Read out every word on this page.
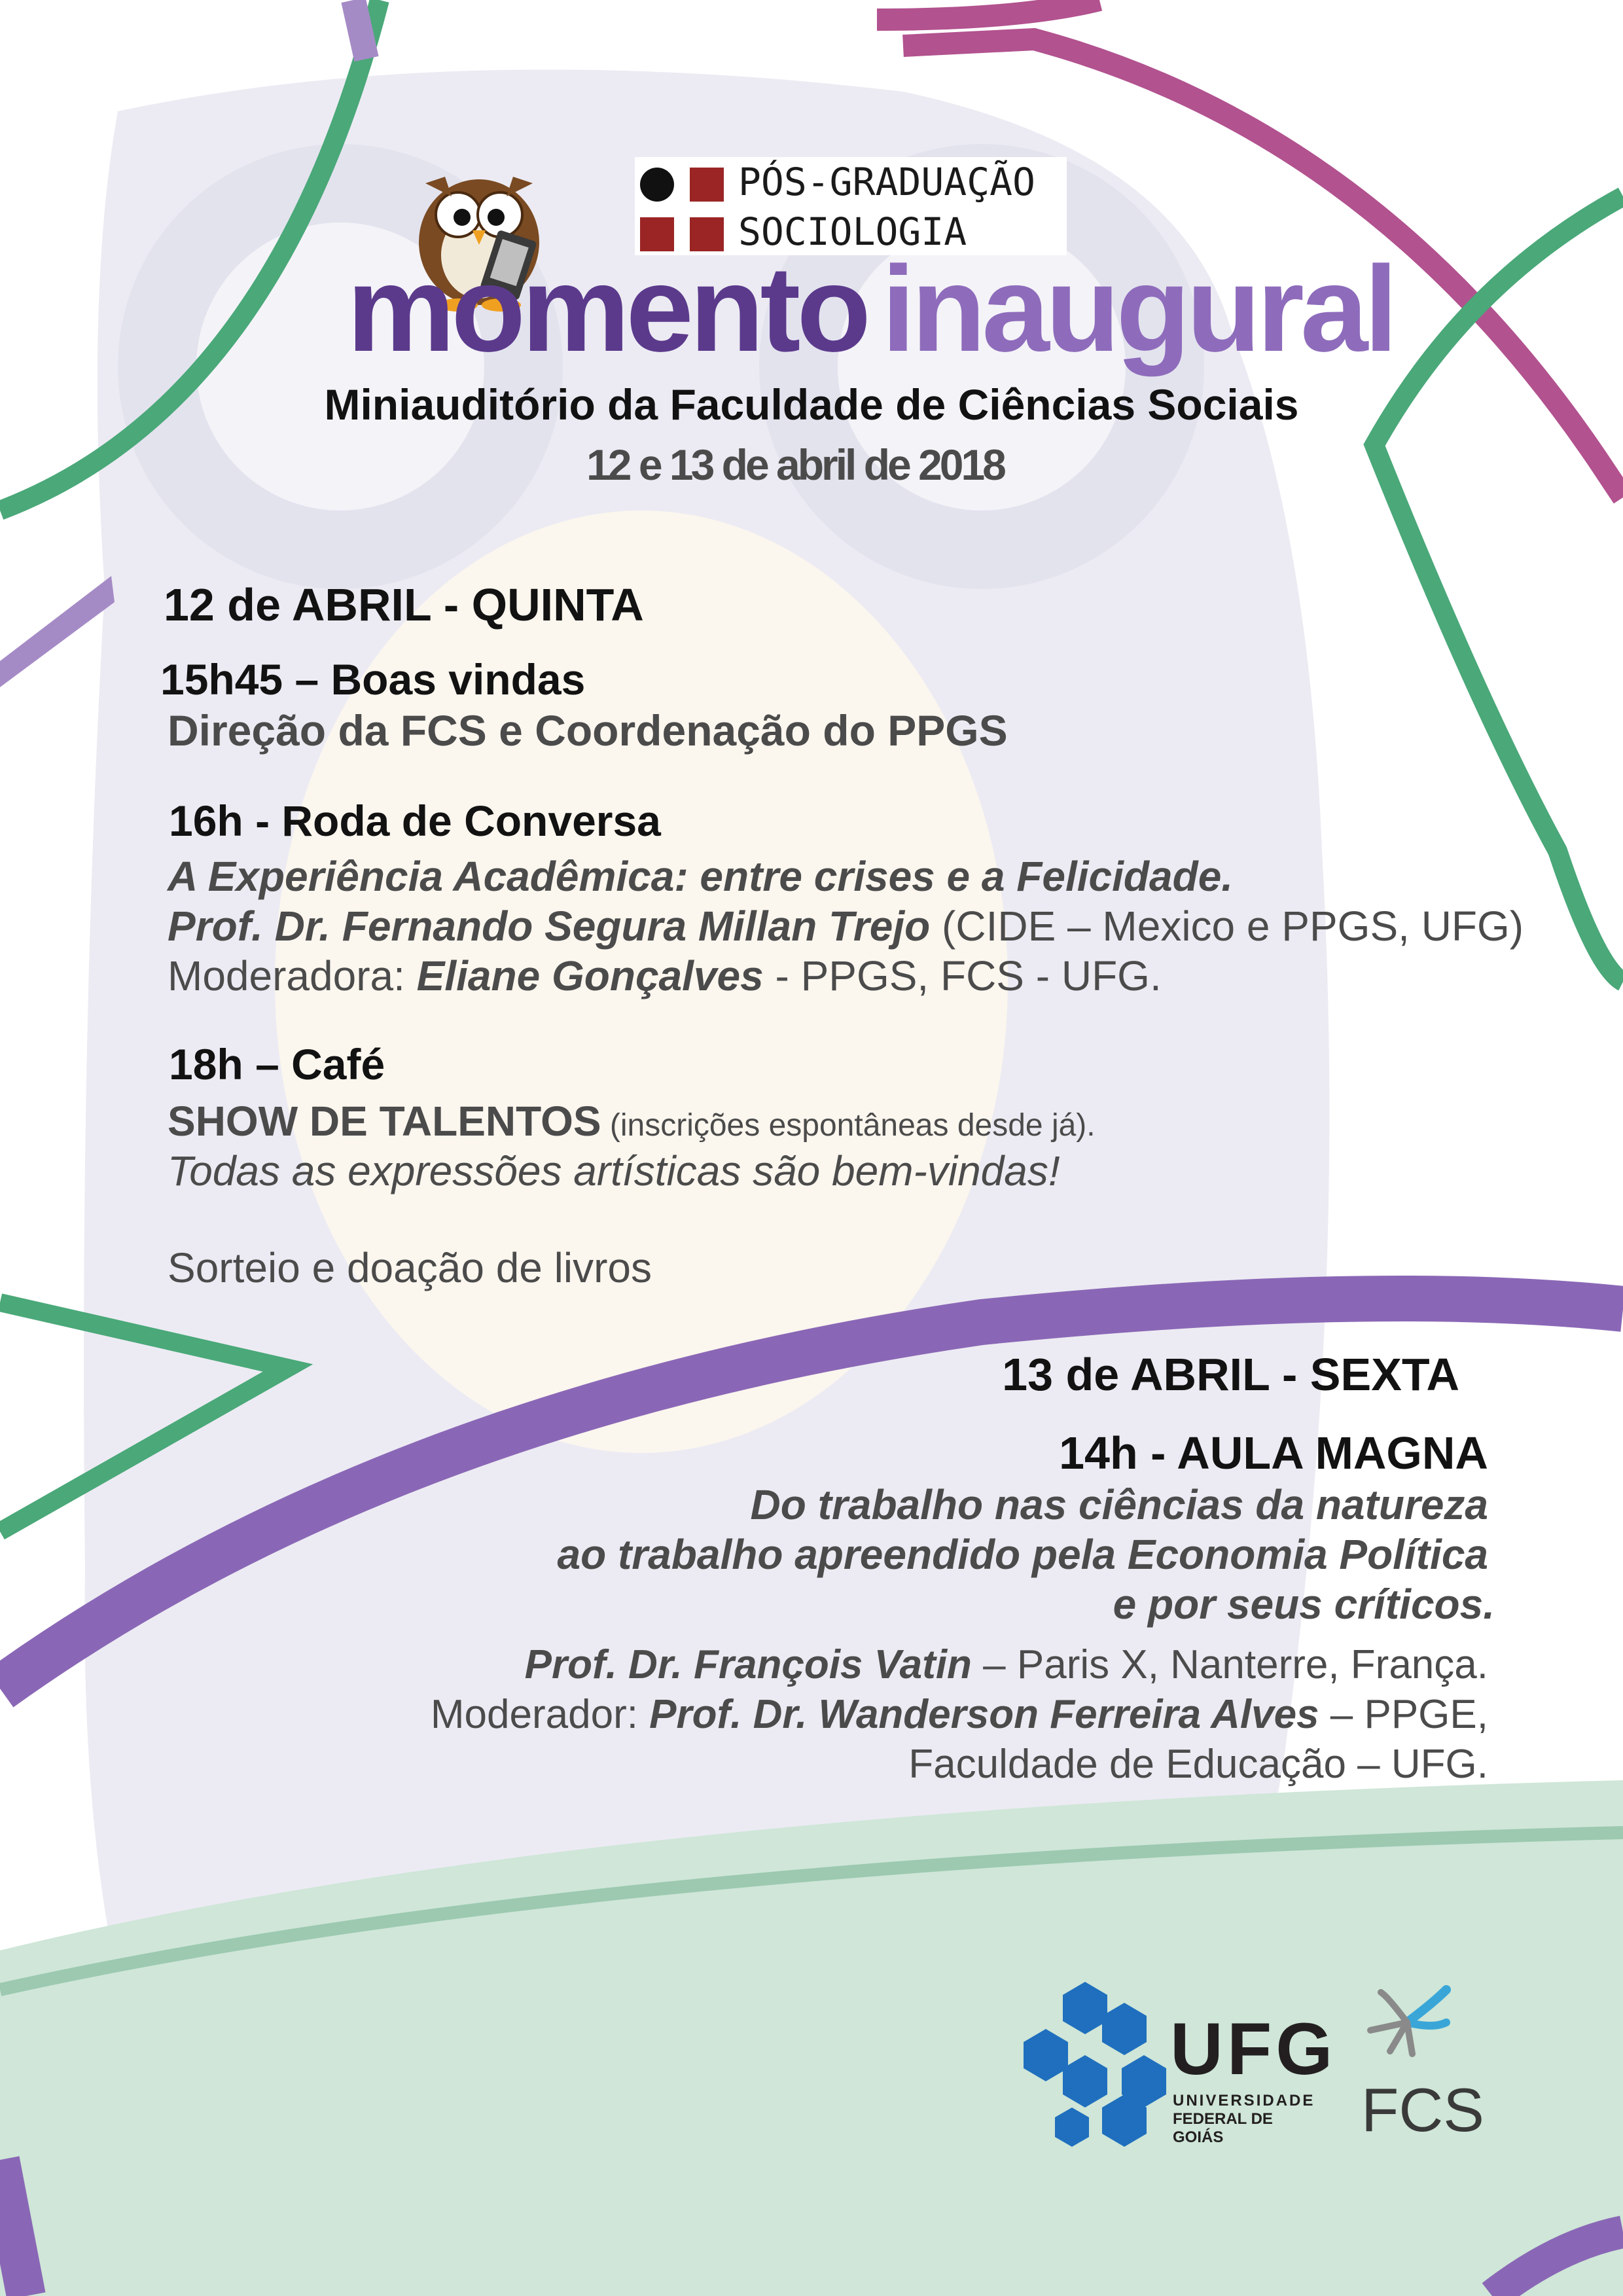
PÓS-GRADUAÇÃO
SOCIOLOGIA
momento inaugural
Miniauditório da Faculdade de Ciências Sociais
12 e 13 de abril de 2018
12 de ABRIL - QUINTA
15h45 – Boas vindas
Direção da FCS e Coordenação do PPGS
16h - Roda de Conversa
A Experiência Acadêmica: entre crises e a Felicidade.
Prof. Dr. Fernando Segura Millan Trejo (CIDE – Mexico e PPGS, UFG)
Moderadora: Eliane Gonçalves - PPGS, FCS - UFG.
18h – Café
SHOW DE TALENTOS (inscrições espontâneas desde já).
Todas as expressões artísticas são bem-vindas!
Sorteio e doação de livros
13 de ABRIL - SEXTA
14h - AULA MAGNA
Do trabalho nas ciências da natureza
ao trabalho apreendido pela Economia Política
e por seus críticos.
Prof. Dr. François Vatin – Paris X, Nanterre, França.
Moderador: Prof. Dr. Wanderson Ferreira Alves – PPGE,
Faculdade de Educação – UFG.
UFG
UNIVERSIDADE
FEDERAL DE GOIÁS	FCS
